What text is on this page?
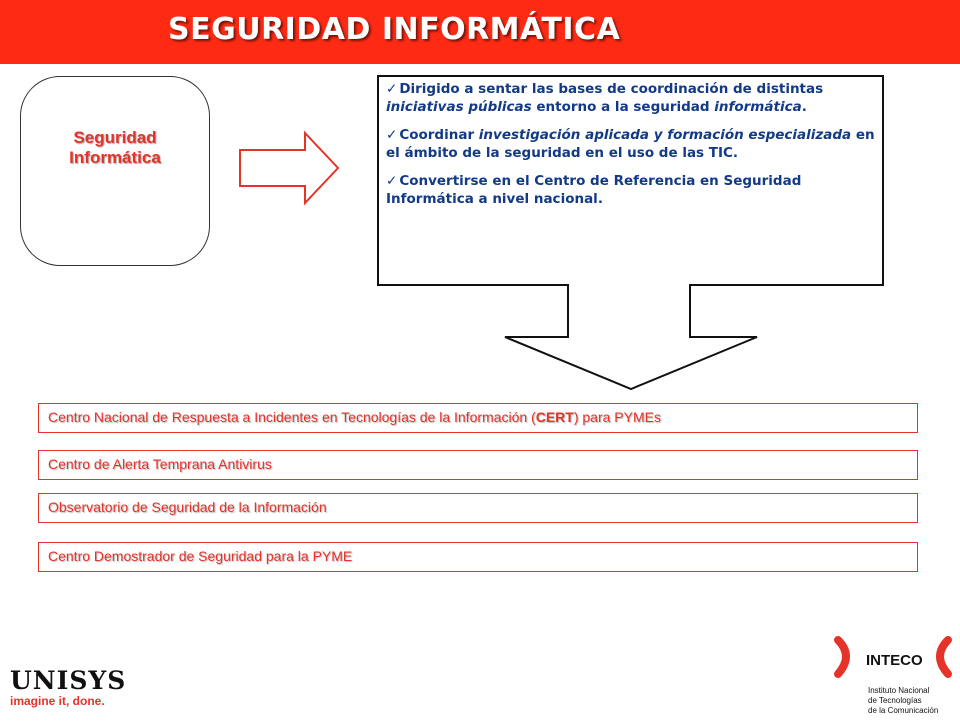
SEGURIDAD INFORMÁTICA
Seguridad
Informática
✓ Dirigido a sentar las bases de coordinación de distintas iniciativas públicas entorno a la seguridad informática.
✓ Coordinar investigación aplicada y formación especializada en el ámbito de la seguridad en el uso de las TIC.
✓ Convertirse en el Centro de Referencia en Seguridad Informática a nivel nacional.
Centro Nacional de Respuesta a Incidentes en Tecnologías de la Información (CERT) para PYMEs
Centro de Alerta Temprana Antivirus
Observatorio de Seguridad de la Información
Centro Demostrador de Seguridad para la PYME
UNISYS
imagine it, done.
INTECO
Instituto Nacional
de Tecnologías
de la Comunicación
